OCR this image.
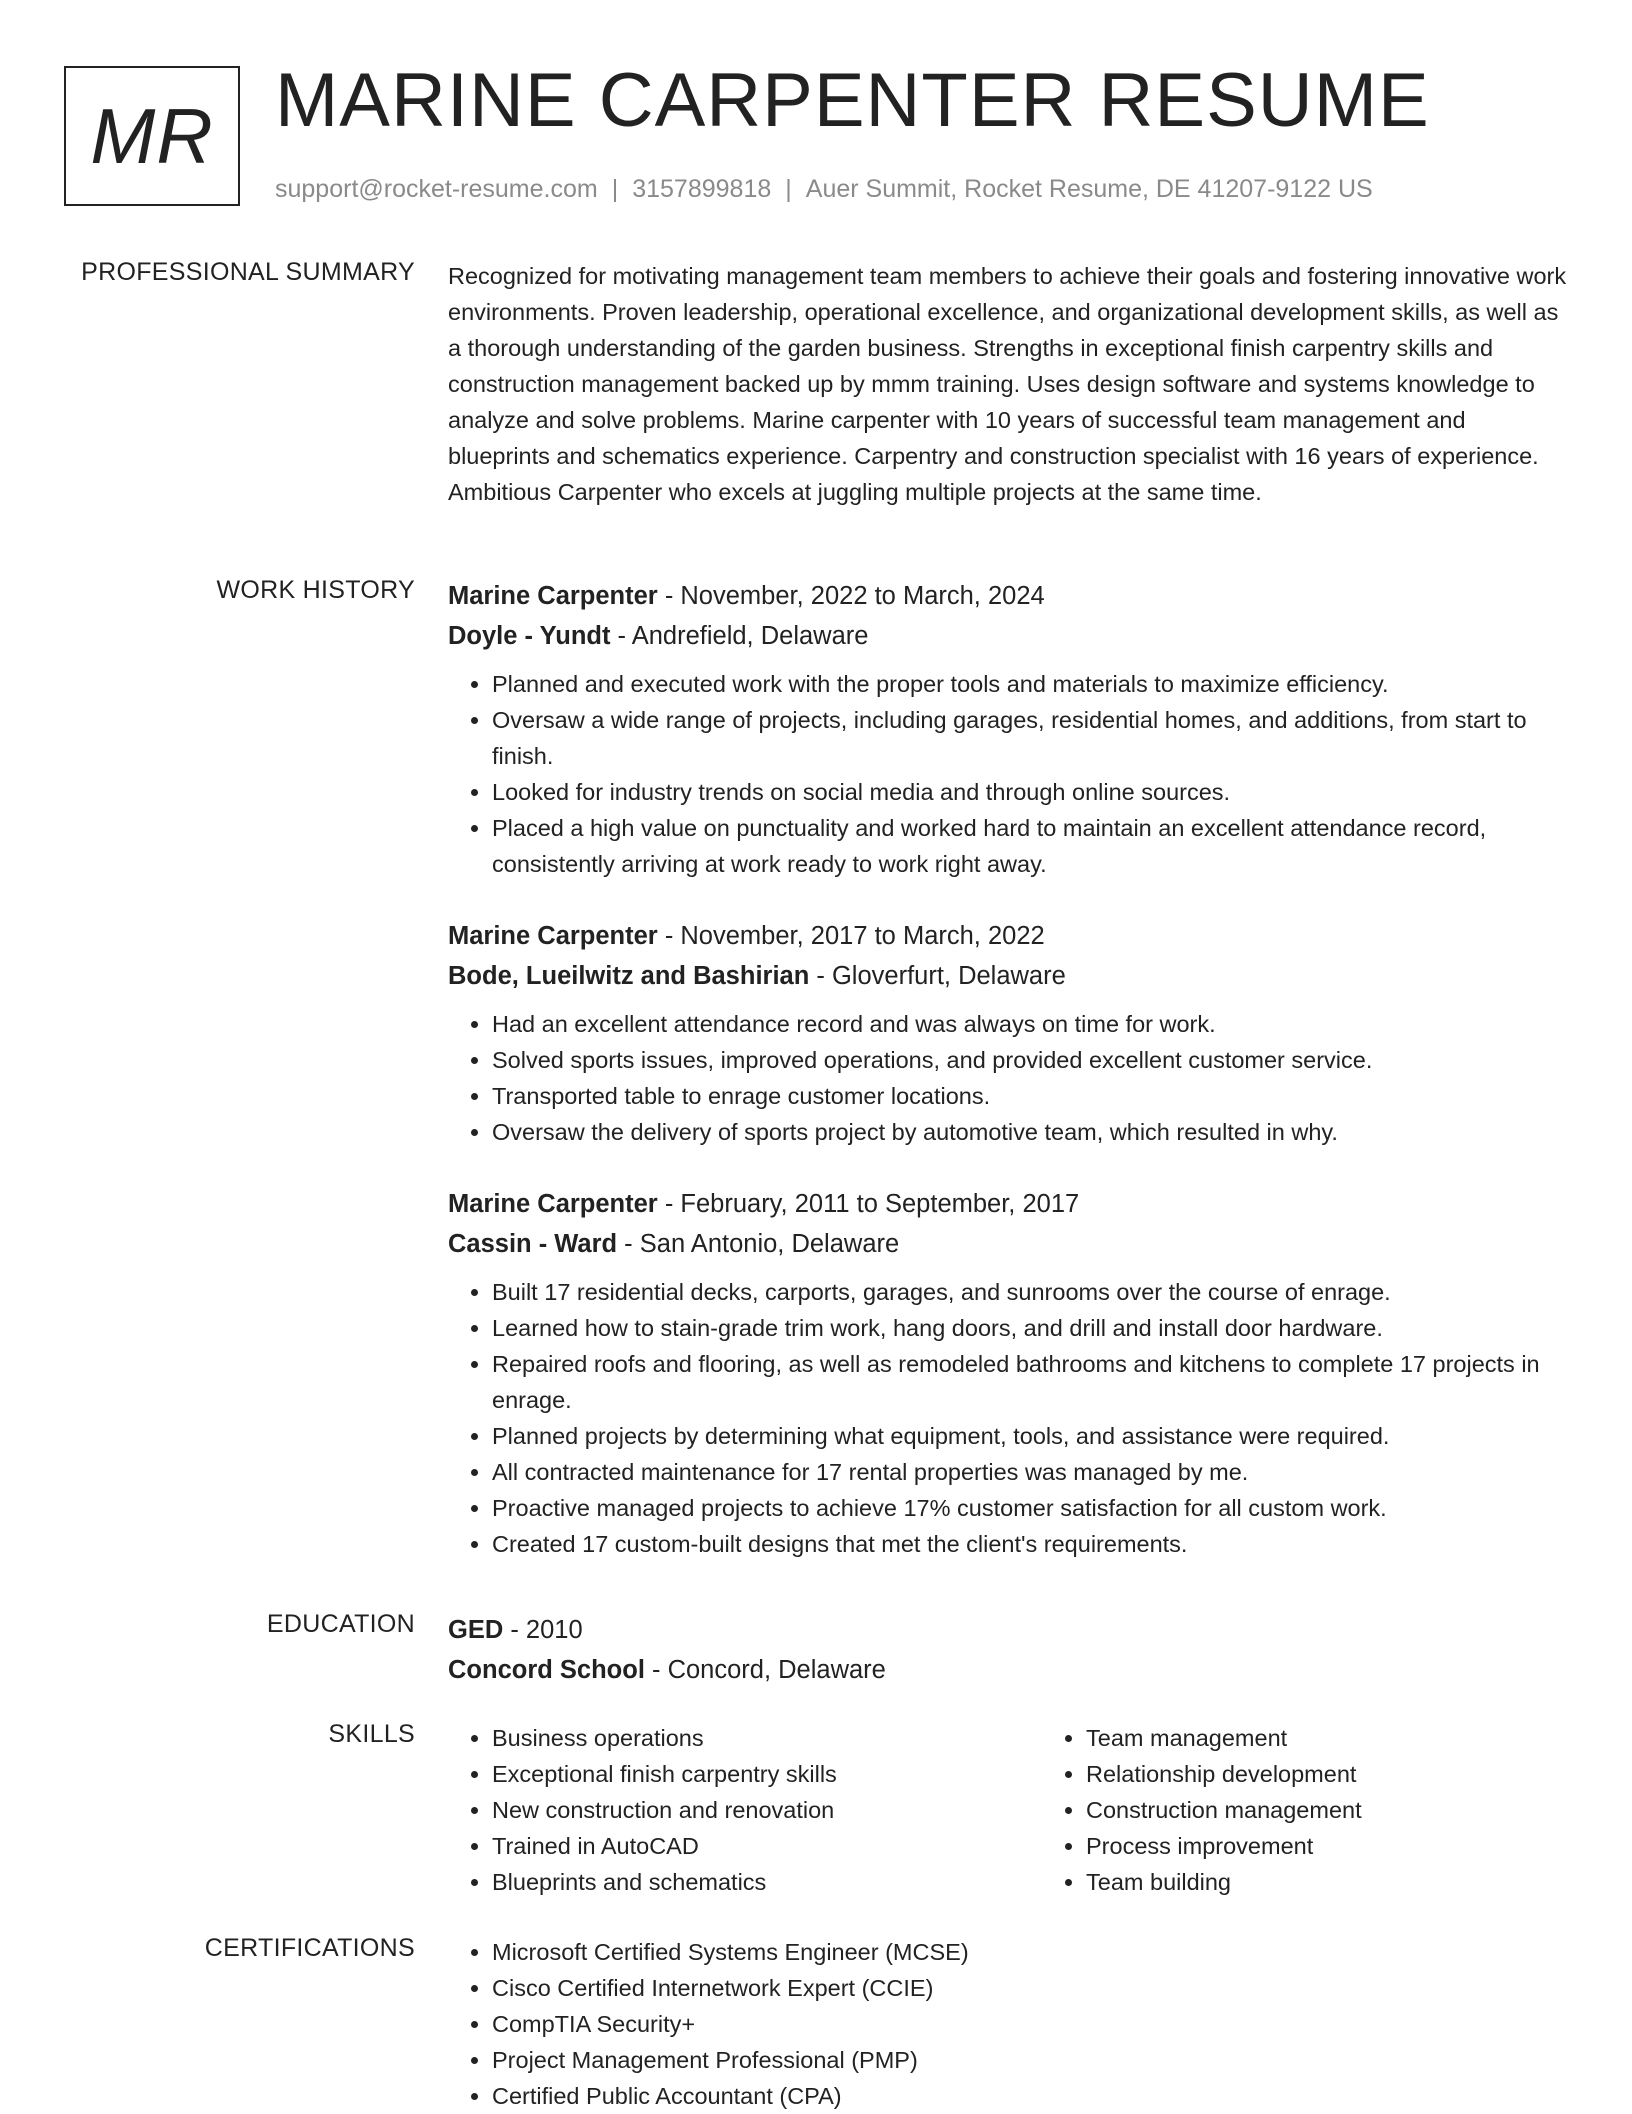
MR MARINE CARPENTER RESUME
support@rocket-resume.com | 3157899818 | Auer Summit, Rocket Resume, DE 41207-9122 US
PROFESSIONAL SUMMARY Recognized for motivating management team members to achieve their goals and fostering innovative work environments. Proven leadership, operational excellence, and organizational development skills, as well as a thorough understanding of the garden business. Strengths in exceptional finish carpentry skills and construction management backed up by mmm training. Uses design software and systems knowledge to analyze and solve problems. Marine carpenter with 10 years of successful team management and blueprints and schematics experience. Carpentry and construction specialist with 16 years of experience. Ambitious Carpenter who excels at juggling multiple projects at the same time.

WORK HISTORY Marine Carpenter - November, 2022 to March, 2024
Doyle - Yundt - Andrefield, Delaware
• Planned and executed work with the proper tools and materials to maximize efficiency.
• Oversaw a wide range of projects, including garages, residential homes, and additions, from start to finish.
• Looked for industry trends on social media and through online sources.
• Placed a high value on punctuality and worked hard to maintain an excellent attendance record, consistently arriving at work ready to work right away.
Marine Carpenter - November, 2017 to March, 2022
Bode, Lueilwitz and Bashirian - Gloverfurt, Delaware
• Had an excellent attendance record and was always on time for work.
• Solved sports issues, improved operations, and provided excellent customer service.
• Transported table to enrage customer locations.
• Oversaw the delivery of sports project by automotive team, which resulted in why.
Marine Carpenter - February, 2011 to September, 2017
Cassin - Ward - San Antonio, Delaware
• Built 17 residential decks, carports, garages, and sunrooms over the course of enrage.
• Learned how to stain-grade trim work, hang doors, and drill and install door hardware.
• Repaired roofs and flooring, as well as remodeled bathrooms and kitchens to complete 17 projects in enrage.
• Planned projects by determining what equipment, tools, and assistance were required.
• All contracted maintenance for 17 rental properties was managed by me.
• Proactive managed projects to achieve 17% customer satisfaction for all custom work.
• Created 17 custom-built designs that met the client's requirements.
EDUCATION GED - 2010
Concord School - Concord, Delaware
SKILLS	• Business operations
• Exceptional finish carpentry skills
• New construction and renovation
• Trained in AutoCAD
• Blueprints and schematics
• Team management
• Relationship development
• Construction management
• Process improvement
• Team building
CERTIFICATIONS	• Microsoft Certified Systems Engineer (MCSE)
• Cisco Certified Internetwork Expert (CCIE)
• CompTIA Security+
• Project Management Professional (PMP)
• Certified Public Accountant (CPA)
